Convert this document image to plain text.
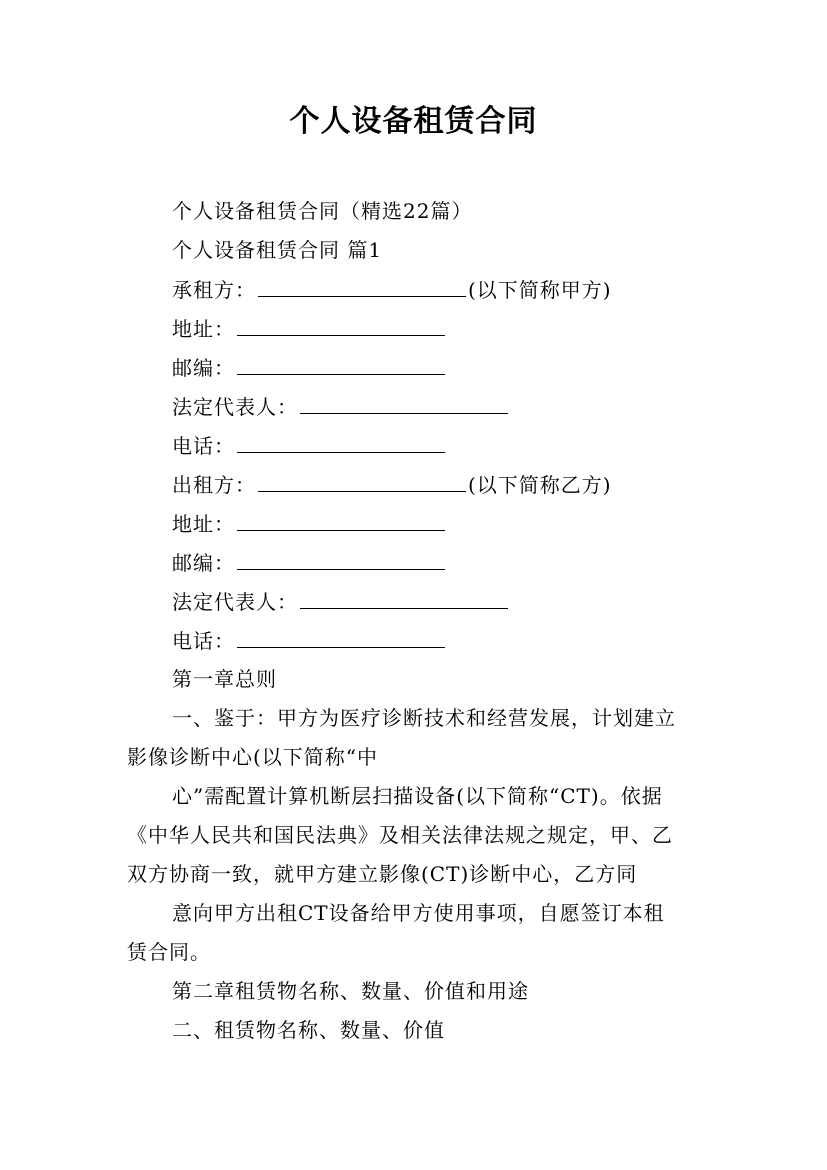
个人设备租赁合同
个人设备租赁合同（精选22篇）
个人设备租赁合同 篇1
承租方：	(以下简称甲方)
地址：
邮编：
法定代表人：
电话：
出租方：	(以下简称乙方)
地址：
邮编：
法定代表人：
电话：
第一章总则
一、鉴于：甲方为医疗诊断技术和经营发展，计划建立
影像诊断中心(以下简称“中
心”需配置计算机断层扫描设备(以下简称“CT)。依据
《中华人民共和国民法典》及相关法律法规之规定，甲、乙
双方协商一致，就甲方建立影像(CT)诊断中心，乙方同
意向甲方出租CT设备给甲方使用事项，自愿签订本租
赁合同。
第二章租赁物名称、数量、价值和用途
二、租赁物名称、数量、价值
